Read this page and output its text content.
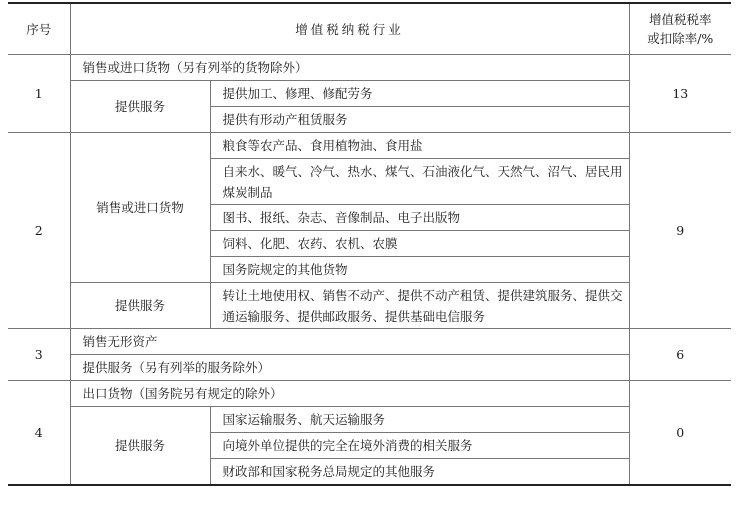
序号	增值税纳税行业		增值税税率
或扣除率/%

1	销售或进口货物（另有列举的货物除外）		13
	提供服务	提供加工、修理、修配劳务	
		提供有形动产租赁服务	
2	销售或进口货物	粮食等农产品、食用植物油、食用盐	9
		自来水、暖气、冷气、热水、煤气、石油液化气、天然气、沼气、居民用煤炭制品	
		图书、报纸、杂志、音像制品、电子出版物	
		饲料、化肥、农药、农机、农膜	
		国务院规定的其他货物	
	提供服务	转让土地使用权、销售不动产、提供不动产租赁、提供建筑服务、提供交通运输服务、提供邮政服务、提供基础电信服务	
3	销售无形资产		6
	提供服务（另有列举的服务除外）		
4	出口货物（国务院另有规定的除外）		0
	提供服务	国家运输服务、航天运输服务	
		向境外单位提供的完全在境外消费的相关服务	
		财政部和国家税务总局规定的其他服务	
